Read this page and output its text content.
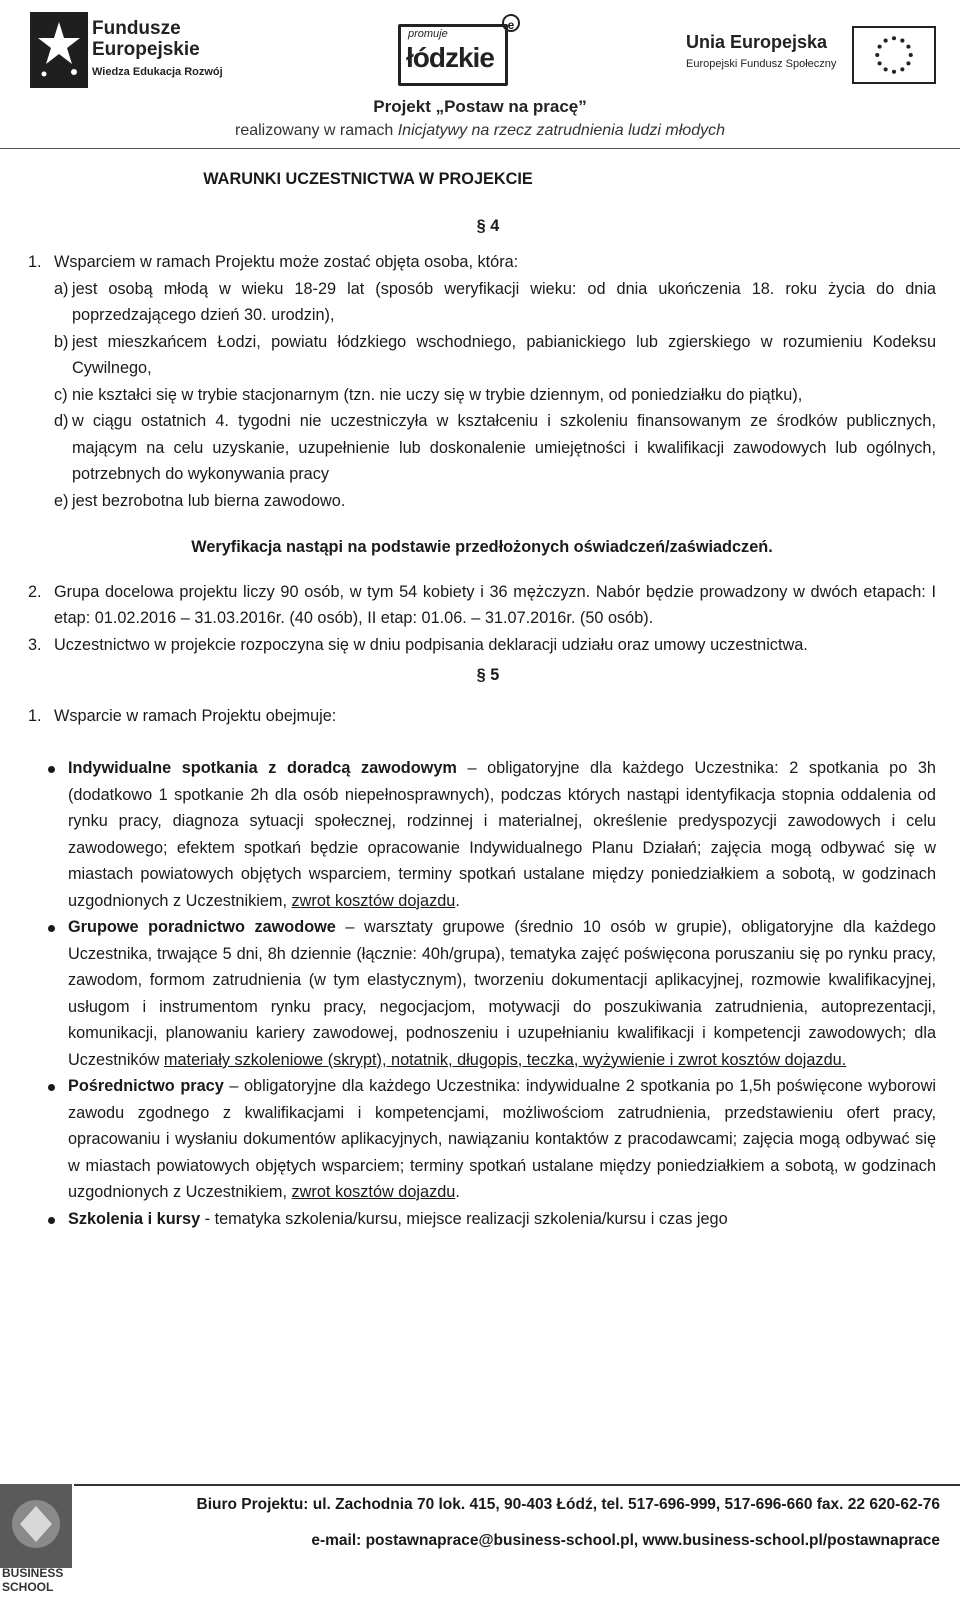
Fundusze
Europejskie
Wiedza Edukacja Rozwój
promuje
łódzkie
e
Unia Europejska
Europejski Fundusz Społeczny
Projekt „Postaw na pracę”
realizowany w ramach Inicjatywy na rzecz zatrudnienia ludzi młodych
WARUNKI UCZESTNICTWA W PROJEKCIE
§ 4
1. Wsparciem w ramach Projektu może zostać objęta osoba, która:
a) jest osobą młodą w wieku 18-29 lat (sposób weryfikacji wieku: od dnia ukończenia 18. roku życia do dnia poprzedzającego dzień 30. urodzin),
b) jest mieszkańcem Łodzi, powiatu łódzkiego wschodniego, pabianickiego lub zgierskiego w rozumieniu Kodeksu Cywilnego,
c) nie kształci się w trybie stacjonarnym (tzn. nie uczy się w trybie dziennym, od poniedziałku do piątku),
d) w ciągu ostatnich 4. tygodni nie uczestniczyła w kształceniu i szkoleniu finansowanym ze środków publicznych, mającym na celu uzyskanie, uzupełnienie lub doskonalenie umiejętności i kwalifikacji zawodowych lub ogólnych, potrzebnych do wykonywania pracy
e) jest bezrobotna lub bierna zawodowo.
Weryfikacja nastąpi na podstawie przedłożonych oświadczeń/zaświadczeń.
2. Grupa docelowa projektu liczy 90 osób, w tym 54 kobiety i 36 mężczyzn. Nabór będzie prowadzony w dwóch etapach: I etap: 01.02.2016 – 31.03.2016r. (40 osób), II etap: 01.06. – 31.07.2016r. (50 osób).
3. Uczestnictwo w projekcie rozpoczyna się w dniu podpisania deklaracji udziału oraz umowy uczestnictwa.
§ 5
1. Wsparcie w ramach Projektu obejmuje:
Indywidualne spotkania z doradcą zawodowym – obligatoryjne dla każdego Uczestnika: 2 spotkania po 3h (dodatkowo 1 spotkanie 2h dla osób niepełnosprawnych), podczas których nastąpi identyfikacja stopnia oddalenia od rynku pracy, diagnoza sytuacji społecznej, rodzinnej i materialnej, określenie predyspozycji zawodowych i celu zawodowego; efektem spotkań będzie opracowanie Indywidualnego Planu Działań; zajęcia mogą odbywać się w miastach powiatowych objętych wsparciem, terminy spotkań ustalane między poniedziałkiem a sobotą, w godzinach uzgodnionych z Uczestnikiem, zwrot kosztów dojazdu.
Grupowe poradnictwo zawodowe – warsztaty grupowe (średnio 10 osób w grupie), obligatoryjne dla każdego Uczestnika, trwające 5 dni, 8h dziennie (łącznie: 40h/grupa), tematyka zajęć poświęcona poruszaniu się po rynku pracy, zawodom, formom zatrudnienia (w tym elastycznym), tworzeniu dokumentacji aplikacyjnej, rozmowie kwalifikacyjnej, usługom i instrumentom rynku pracy, negocjacjom, motywacji do poszukiwania zatrudnienia, autoprezentacji, komunikacji, planowaniu kariery zawodowej, podnoszeniu i uzupełnianiu kwalifikacji i kompetencji zawodowych; dla Uczestników materiały szkoleniowe (skrypt), notatnik, długopis, teczka, wyżywienie i zwrot kosztów dojazdu.
Pośrednictwo pracy – obligatoryjne dla każdego Uczestnika: indywidualne 2 spotkania po 1,5h poświęcone wyborowi zawodu zgodnego z kwalifikacjami i kompetencjami, możliwościom zatrudnienia, przedstawieniu ofert pracy, opracowaniu i wysłaniu dokumentów aplikacyjnych, nawiązaniu kontaktów z pracodawcami; zajęcia mogą odbywać się w miastach powiatowych objętych wsparciem; terminy spotkań ustalane między poniedziałkiem a sobotą, w godzinach uzgodnionych z Uczestnikiem, zwrot kosztów dojazdu.
Szkolenia i kursy - tematyka szkolenia/kursu, miejsce realizacji szkolenia/kursu i czas jego
BUSINESS
SCHOOL
Biuro Projektu: ul. Zachodnia 70 lok. 415, 90-403 Łódź, tel. 517-696-999, 517-696-660 fax. 22 620-62-76
e-mail: postawnaprace@business-school.pl, www.business-school.pl/postawnaprace
